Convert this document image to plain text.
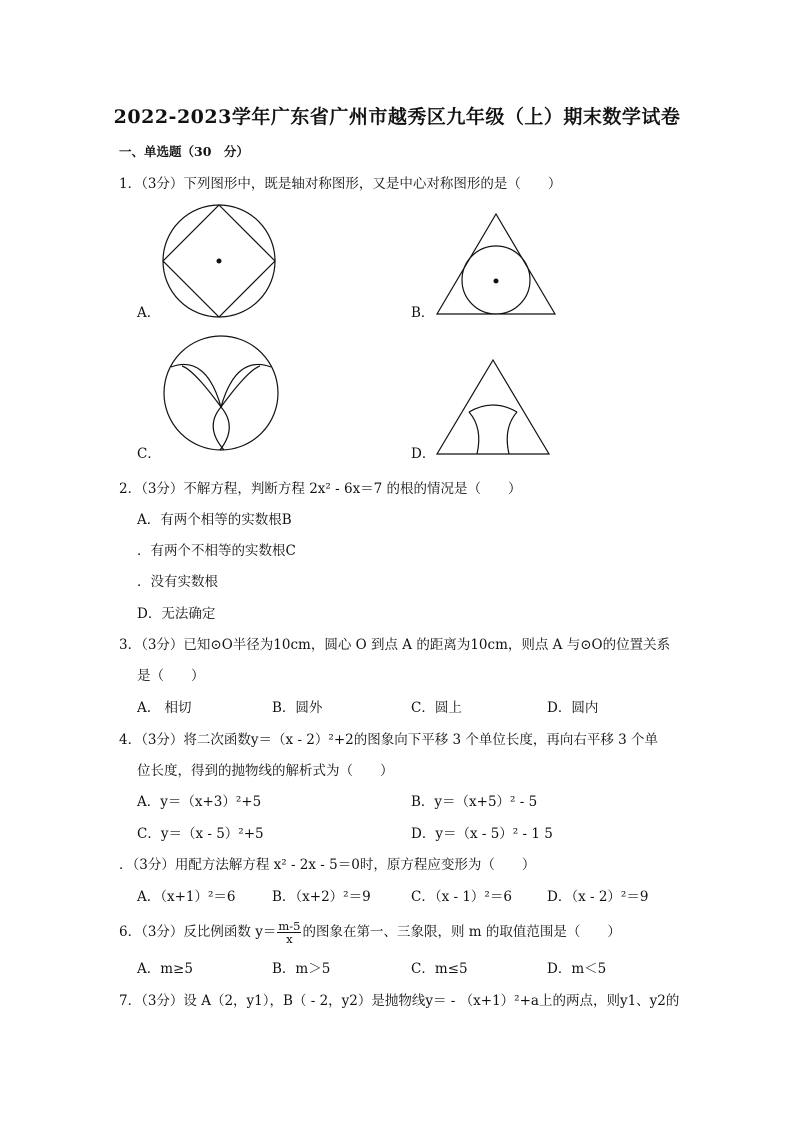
2022-2023学年广东省广州市越秀区九年级（上）期末数学试卷
一、单选题（30　分）
1．（3分）下列图形中，既是轴对称图形，又是中心对称图形的是（　　）
A．	B．
C．	D．
2．（3分）不解方程，判断方程 2x² - 6x＝7 的根的情况是（　　）
A．有两个相等的实数根B
．有两个不相等的实数根C
．没有实数根
D．无法确定
3．（3分）已知⊙O半径为10cm，圆心 O 到点 A 的距离为10cm，则点 A 与⊙O的位置关系
是（　　）
A.　相切	B．圆外	C．圆上	D．圆内
4．（3分）将二次函数y＝（x - 2）²+2的图象向下平移 3 个单位长度，再向右平移 3 个单
位长度，得到的抛物线的解析式为（　　）
A．y＝（x+3）²+5	B．y＝（x+5）² - 5
C．y＝（x - 5）²+5	D．y＝（x - 5）² - 1 5
．（3分）用配方法解方程 x² - 2x - 5＝0时，原方程应变形为（　　）
A．（x+1）²＝6	B．（x+2）²＝9	C．（x - 1）²＝6	D．（x - 2）²＝9
6．（3分）反比例函数 $y= \frac{m-5}{x}$ 的图象在第一、三象限，则 m 的取值范围是（　　）
A．m≥5	B．m＞5	C．m≤5	D．m＜5
7．（3分）设 A（2，y1），B（ - 2，y2）是抛物线y＝ - （x+1）²+a上的两点，则y1、y2的
